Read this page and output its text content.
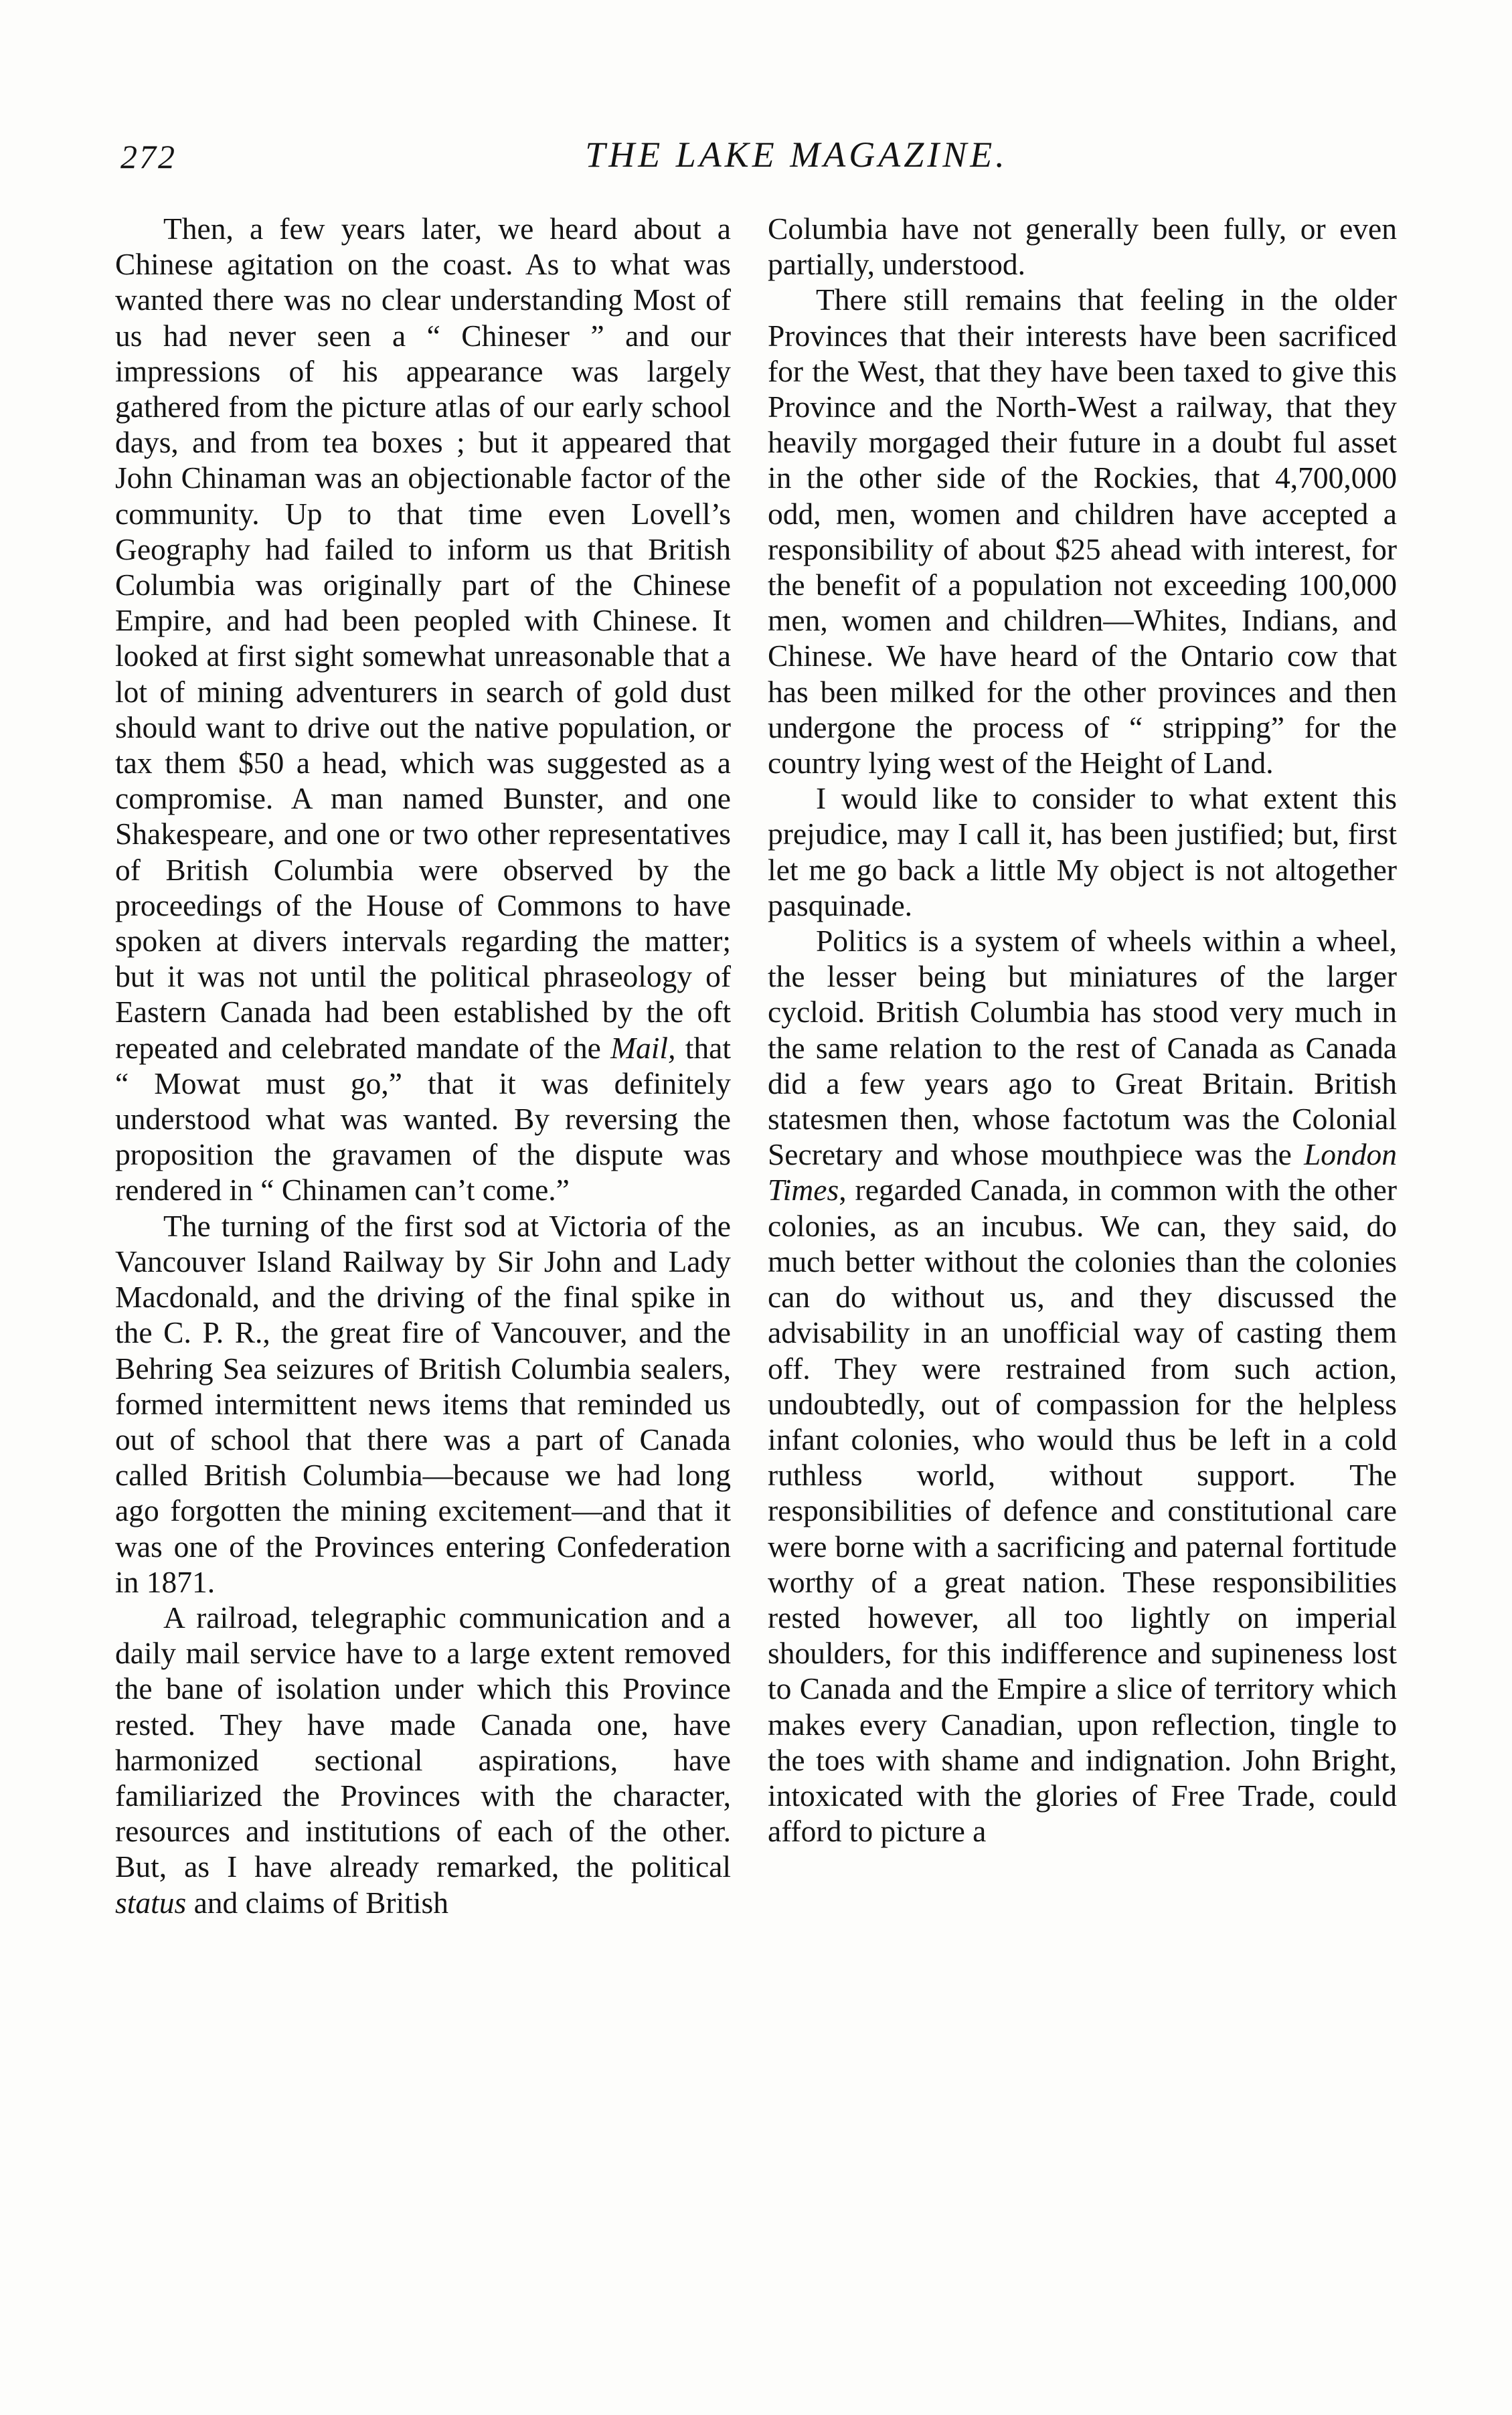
272	THE LAKE MAGAZINE.

Then, a few years later, we heard about a Chinese agitation on the coast. As to what was wanted there was no clear understanding Most of us had never seen a “ Chineser ” and our impressions of his appearance was largely gathered from the picture atlas of our early school days, and from tea boxes ; but it appeared that John Chinaman was an objectionable factor of the community. Up to that time even Lovell’s Geography had failed to inform us that British Columbia was originally part of the Chinese Empire, and had been peopled with Chinese. It looked at first sight somewhat unreasonable that a lot of mining adventurers in search of gold dust should want to drive out the native population, or tax them $50 a head, which was suggested as a compromise. A man named Bunster, and one Shakespeare, and one or two other representatives of British Columbia were observed by the proceedings of the House of Commons to have spoken at divers intervals regarding the matter; but it was not until the political phraseology of Eastern Canada had been established by the oft repeated and celebrated mandate of the Mail, that “ Mowat must go,” that it was definitely understood what was wanted. By reversing the proposition the gravamen of the dispute was rendered in “ Chinamen can’t come.”

The turning of the first sod at Victoria of the Vancouver Island Railway by Sir John and Lady Macdonald, and the driving of the final spike in the C. P. R., the great fire of Vancouver, and the Behring Sea seizures of British Columbia sealers, formed intermittent news items that reminded us out of school that there was a part of Canada called British Columbia—because we had long ago forgotten the mining excitement—and that it was one of the Provinces entering Confederation in 1871.

A railroad, telegraphic communication and a daily mail service have to a large extent removed the bane of isolation under which this Province rested. They have made Canada one, have harmonized sectional aspirations, have familiarized the Provinces with the character, resources and institutions of each of the other. But, as I have already remarked, the political status and claims of British

Columbia have not generally been fully, or even partially, understood.

There still remains that feeling in the older Provinces that their interests have been sacrificed for the West, that they have been taxed to give this Province and the North-West a railway, that they heavily morgaged their future in a doubt ful asset in the other side of the Rockies, that 4,700,000 odd, men, women and children have accepted a responsibility of about $25 ahead with interest, for the benefit of a population not exceeding 100,000 men, women and children—Whites, Indians, and Chinese. We have heard of the Ontario cow that has been milked for the other provinces and then undergone the process of “ stripping” for the country lying west of the Height of Land.

I would like to consider to what extent this prejudice, may I call it, has been justified; but, first let me go back a little My object is not altogether pasquinade.

Politics is a system of wheels within a wheel, the lesser being but miniatures of the larger cycloid. British Columbia has stood very much in the same relation to the rest of Canada as Canada did a few years ago to Great Britain. British statesmen then, whose factotum was the Colonial Secretary and whose mouthpiece was the London Times, regarded Canada, in common with the other colonies, as an incubus. We can, they said, do much better without the colonies than the colonies can do without us, and they discussed the advisability in an unofficial way of casting them off. They were restrained from such action, undoubtedly, out of compassion for the helpless infant colonies, who would thus be left in a cold ruthless world, without support. The responsibilities of defence and constitutional care were borne with a sacrificing and paternal fortitude worthy of a great nation. These responsibilities rested however, all too lightly on imperial shoulders, for this indifference and supineness lost to Canada and the Empire a slice of territory which makes every Canadian, upon reflection, tingle to the toes with shame and indignation. John Bright, intoxicated with the glories of Free Trade, could afford to picture a
